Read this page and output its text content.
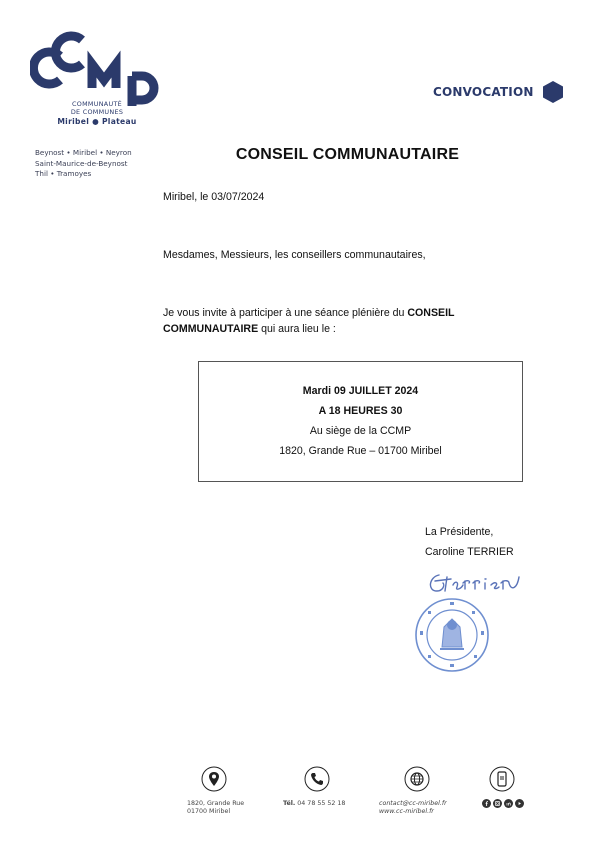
COMMUNAUTÉ
DE COMMUNES
Miribel ● Plateau
Beynost • Miribel • Neyron
Saint-Maurice-de-Beynost
Thil • Tramoyes
CONVOCATION
CONSEIL COMMUNAUTAIRE
Miribel, le 03/07/2024
Mesdames, Messieurs, les conseillers communautaires,
Je vous invite à participer à une séance plénière du CONSEIL
COMMUNAUTAIRE qui aura lieu le :
Mardi 09 JUILLET 2024
A 18 HEURES 30
Au siège de la CCMP
1820, Grande Rue – 01700 Miribel
La Présidente,
Caroline TERRIER
1820, Grande Rue
01700 Miribel
Tél. 04 78 55 52 18	contact@cc-miribel.fr
www.cc-miribel.fr
